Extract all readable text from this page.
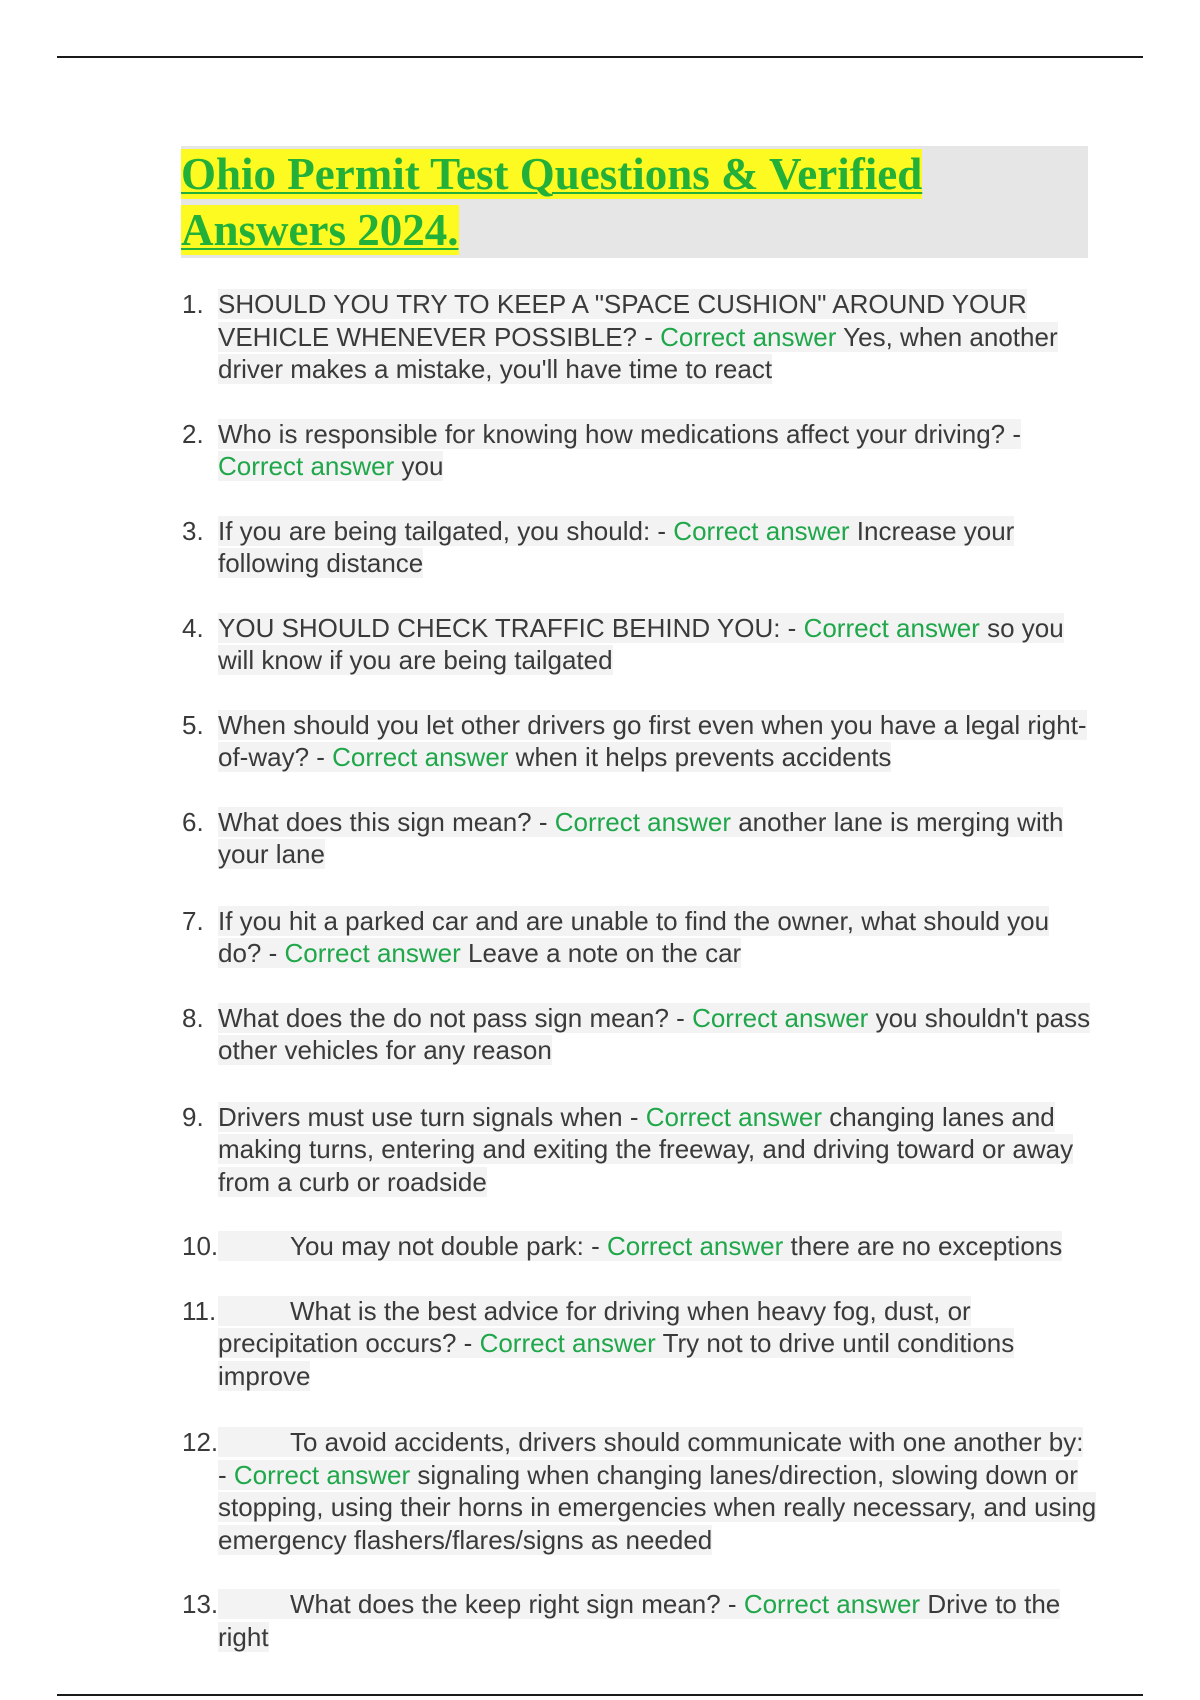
Ohio Permit Test Questions & Verified
Answers 2024.
1. SHOULD YOU TRY TO KEEP A "SPACE CUSHION" AROUND YOUR VEHICLE WHENEVER POSSIBLE? - Correct answer Yes, when another driver makes a mistake, you'll have time to react
2. Who is responsible for knowing how medications affect your driving? - Correct answer you
3. If you are being tailgated, you should: - Correct answer Increase your following distance
4. YOU SHOULD CHECK TRAFFIC BEHIND YOU: - Correct answer so you will know if you are being tailgated
5. When should you let other drivers go first even when you have a legal right-of-way? - Correct answer when it helps prevents accidents
6. What does this sign mean? - Correct answer another lane is merging with your lane
7. If you hit a parked car and are unable to find the owner, what should you do? - Correct answer Leave a note on the car
8. What does the do not pass sign mean? - Correct answer you shouldn't pass other vehicles for any reason
9. Drivers must use turn signals when - Correct answer changing lanes and making turns, entering and exiting the freeway, and driving toward or away from a curb or roadside
10.	You may not double park: - Correct answer there are no exceptions
11.	What is the best advice for driving when heavy fog, dust, or precipitation occurs? - Correct answer Try not to drive until conditions improve
12.	To avoid accidents, drivers should communicate with one another by: - Correct answer signaling when changing lanes/direction, slowing down or stopping, using their horns in emergencies when really necessary, and using emergency flashers/flares/signs as needed
13.	What does the keep right sign mean? - Correct answer Drive to the right
